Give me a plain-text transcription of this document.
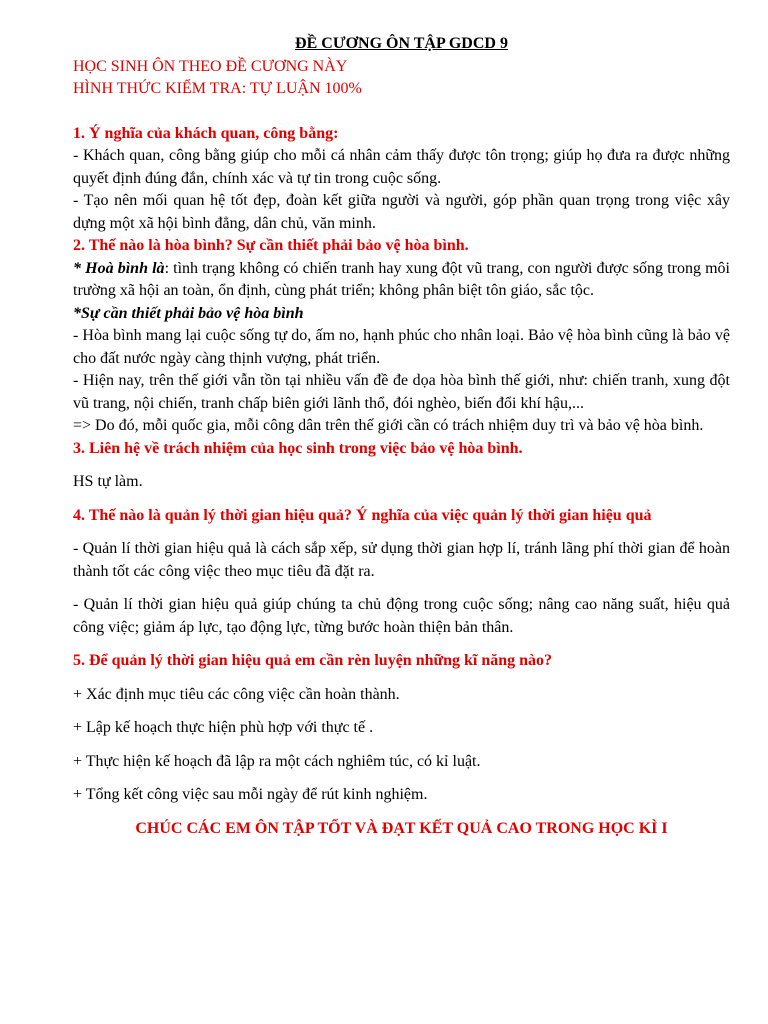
ĐỀ CƯƠNG ÔN TẬP GDCD 9

HỌC SINH ÔN THEO ĐỀ CƯƠNG NÀY

HÌNH THỨC KIỂM TRA: TỰ LUẬN 100%

1. Ý nghĩa của khách quan, công bằng:

- Khách quan, công bằng giúp cho mỗi cá nhân cảm thấy được tôn trọng; giúp họ đưa ra được những quyết định đúng đắn, chính xác và tự tin trong cuộc sống.

- Tạo nên mối quan hệ tốt đẹp, đoàn kết giữa người và người, góp phần quan trọng trong việc xây dựng một xã hội bình đẳng, dân chủ, văn minh.

2. Thế nào là hòa bình? Sự cần thiết phải bảo vệ hòa bình.

* Hoà bình là: tình trạng không có chiến tranh hay xung đột vũ trang, con người được sống trong môi trường xã hội an toàn, ổn định, cùng phát triển; không phân biệt tôn giáo, sắc tộc.

*Sự cần thiết phải bảo vệ hòa bình

- Hòa bình mang lại cuộc sống tự do, ấm no, hạnh phúc cho nhân loại. Bảo vệ hòa bình cũng là bảo vệ cho đất nước ngày càng thịnh vượng, phát triển.

- Hiện nay, trên thế giới vẫn tồn tại nhiều vấn đề đe dọa hòa bình thế giới, như: chiến tranh, xung đột vũ trang, nội chiến, tranh chấp biên giới lãnh thổ, đói nghèo, biến đổi khí hậu,...

=> Do đó, mỗi quốc gia, mỗi công dân trên thế giới cần có trách nhiệm duy trì và bảo vệ hòa bình.

3. Liên hệ về trách nhiệm của học sinh trong việc bảo vệ hòa bình.

HS tự làm.

4. Thế nào là quản lý thời gian hiệu quả? Ý nghĩa của việc quản lý thời gian hiệu quả

- Quản lí thời gian hiệu quả là cách sắp xếp, sử dụng thời gian hợp lí, tránh lãng phí thời gian để hoàn thành tốt các công việc theo mục tiêu đã đặt ra.

- Quản lí thời gian hiệu quả giúp chúng ta chủ động trong cuộc sống; nâng cao năng suất, hiệu quả công việc; giảm áp lực, tạo động lực, từng bước hoàn thiện bản thân.

5. Để quản lý thời gian hiệu quả em cần rèn luyện những kĩ năng nào?

+ Xác định mục tiêu các công việc cần hoàn thành.

+ Lập kế hoạch thực hiện phù hợp với thực tế .

+ Thực hiện kế hoạch đã lập ra một cách nghiêm túc, có kỉ luật.

+ Tổng kết công việc sau mỗi ngày để rút kinh nghiệm.

CHÚC CÁC EM ÔN TẬP TỐT VÀ ĐẠT KẾT QUẢ CAO TRONG HỌC KÌ I
